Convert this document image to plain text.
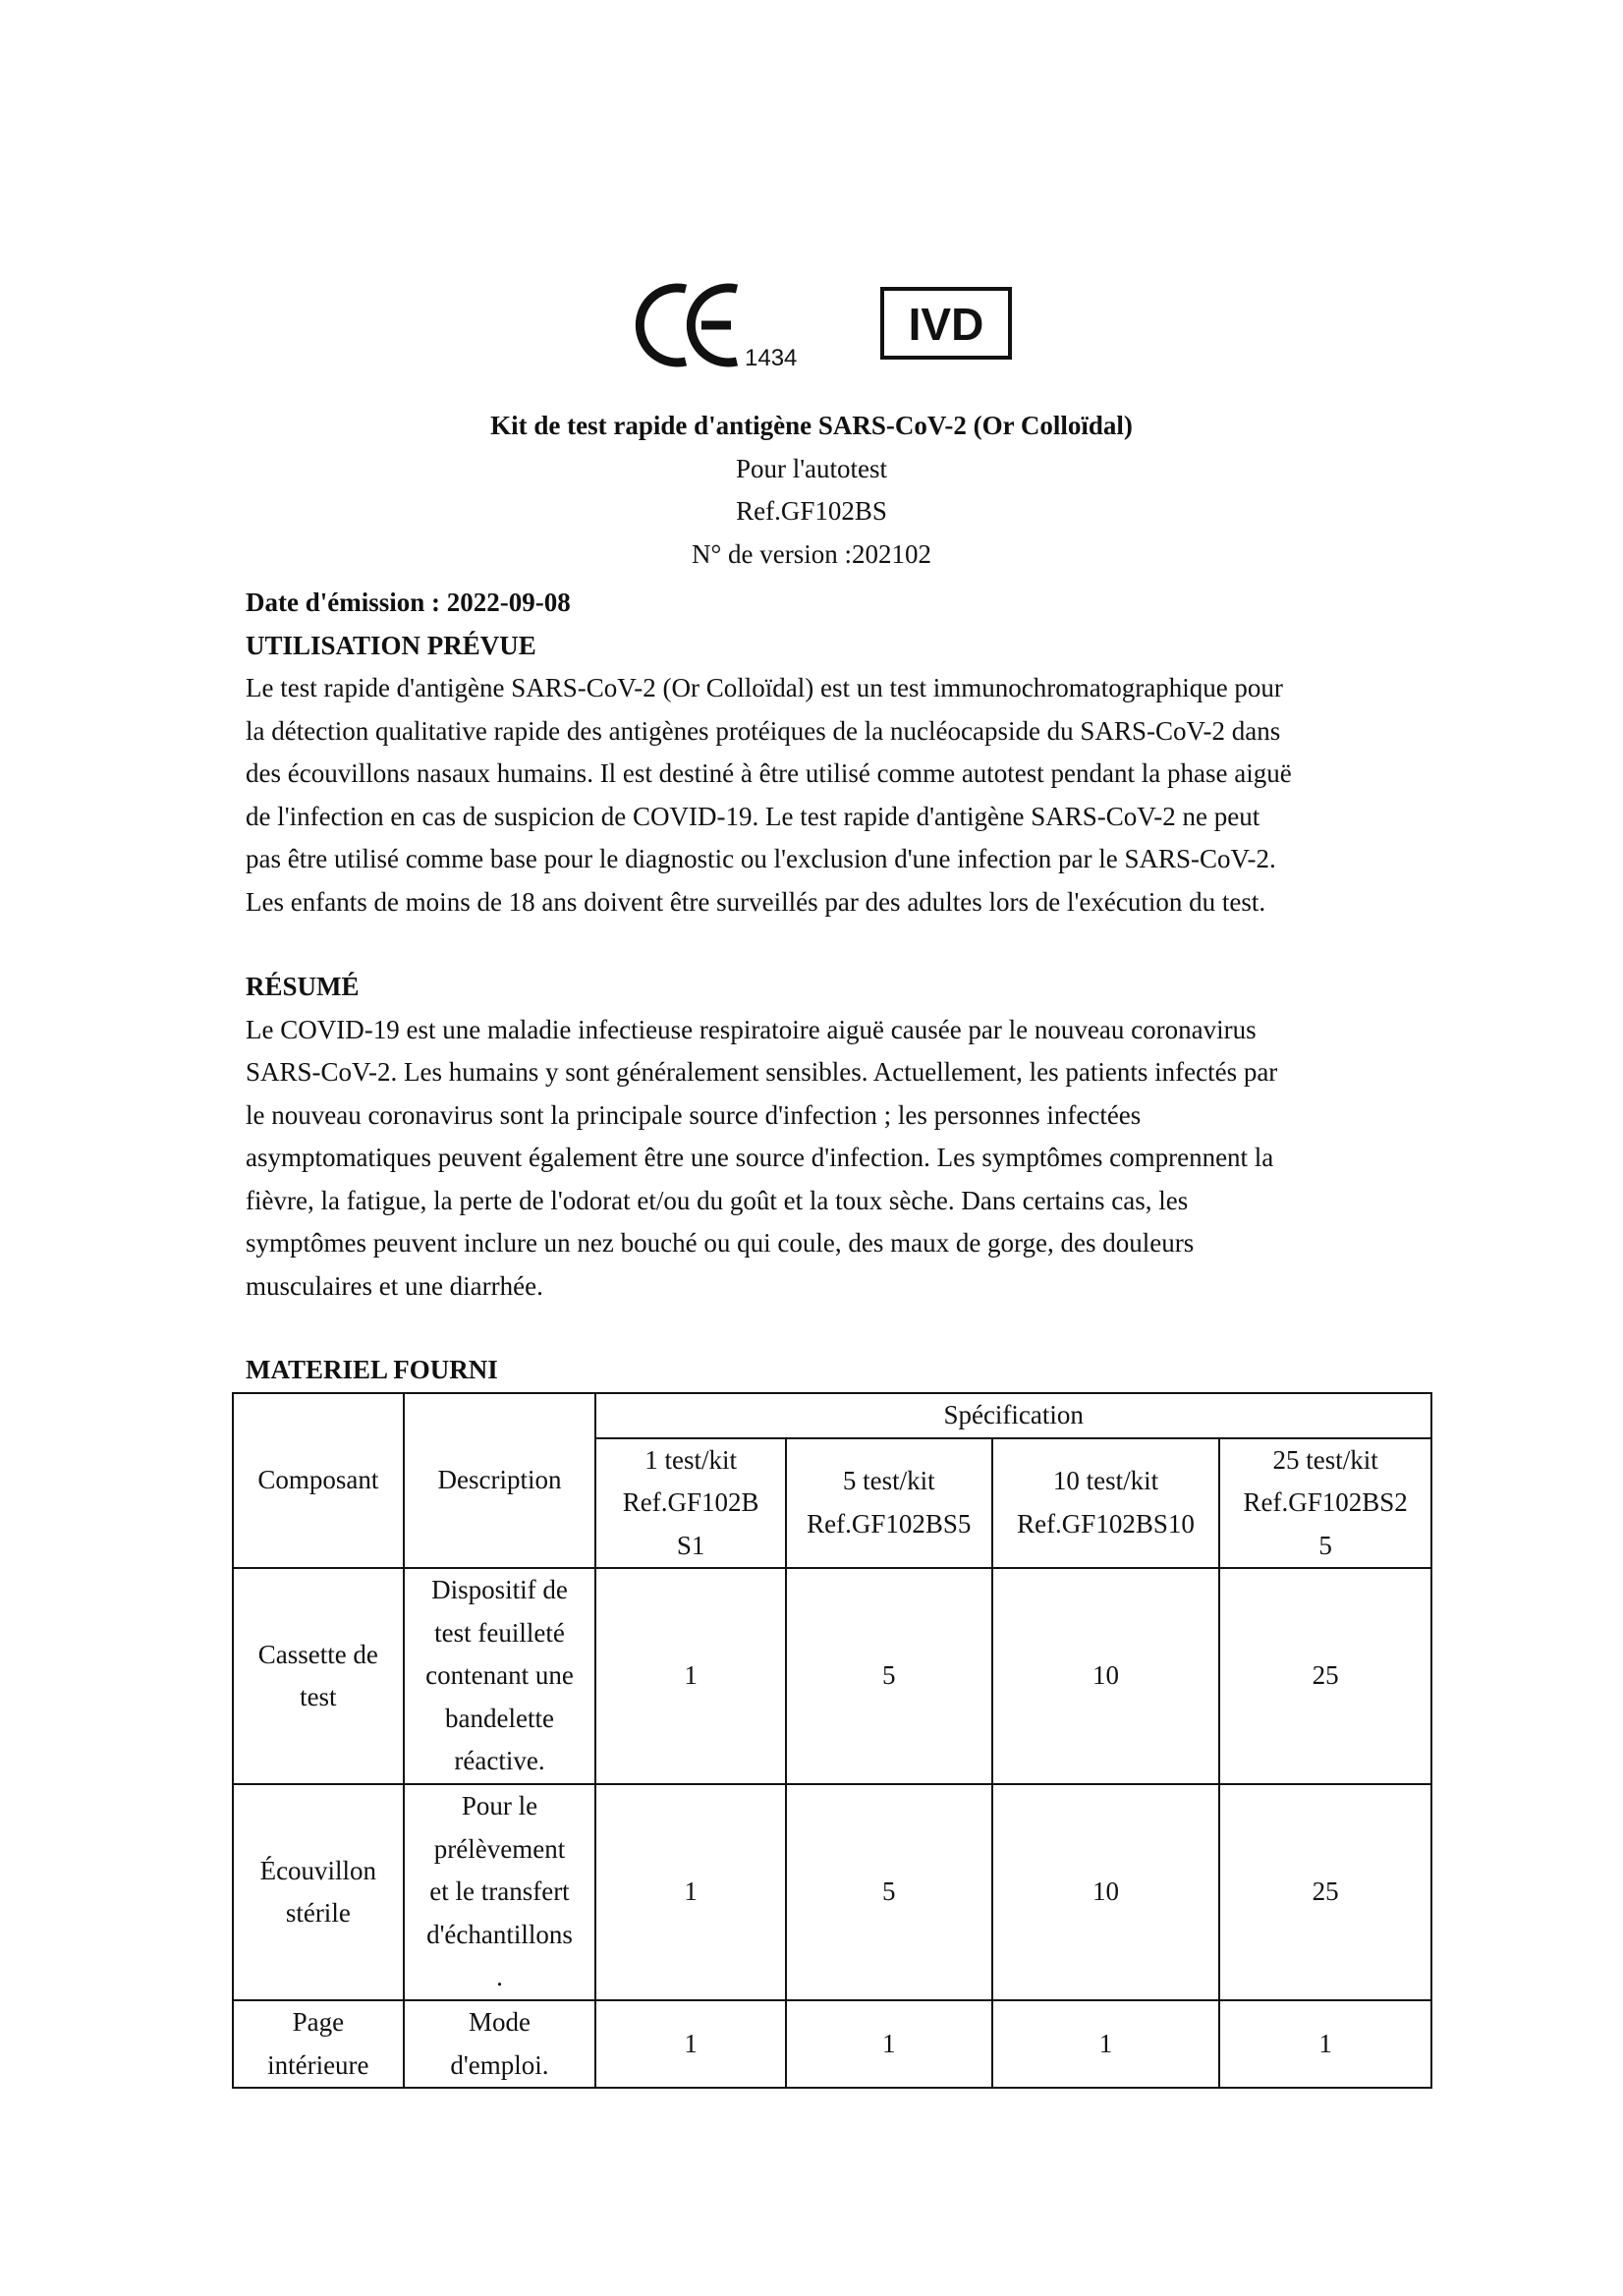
1434
IVD
Kit de test rapide d'antigène SARS-CoV-2 (Or Colloïdal)
Pour l'autotest
Ref.GF102BS
N° de version :202102
Date d'émission : 2022-09-08
UTILISATION PRÉVUE
Le test rapide d'antigène SARS-CoV-2 (Or Colloïdal) est un test immunochromatographique pour
la détection qualitative rapide des antigènes protéiques de la nucléocapside du SARS-CoV-2 dans
des écouvillons nasaux humains. Il est destiné à être utilisé comme autotest pendant la phase aiguë
de l'infection en cas de suspicion de COVID-19. Le test rapide d'antigène SARS-CoV-2 ne peut
pas être utilisé comme base pour le diagnostic ou l'exclusion d'une infection par le SARS-CoV-2.
Les enfants de moins de 18 ans doivent être surveillés par des adultes lors de l'exécution du test.
RÉSUMÉ
Le COVID-19 est une maladie infectieuse respiratoire aiguë causée par le nouveau coronavirus
SARS-CoV-2. Les humains y sont généralement sensibles. Actuellement, les patients infectés par
le nouveau coronavirus sont la principale source d'infection ; les personnes infectées
asymptomatiques peuvent également être une source d'infection. Les symptômes comprennent la
fièvre, la fatigue, la perte de l'odorat et/ou du goût et la toux sèche. Dans certains cas, les
symptômes peuvent inclure un nez bouché ou qui coule, des maux de gorge, des douleurs
musculaires et une diarrhée.
MATERIEL FOURNI
Composant	Description	Spécification			

		1 test/kit
Ref.GF102B
S1	5 test/kit
Ref.GF102BS5	10 test/kit
Ref.GF102BS10	25 test/kit
Ref.GF102BS2
5

Cassette de
test	Dispositif de
test feuilleté
contenant une
bandelette
réactive.	1	5	10	25

Écouvillon
stérile	Pour le
prélèvement
et le transfert
d'échantillons
.	1	5	10	25

Page
intérieure	Mode
d'emploi.	1	1	1	1
